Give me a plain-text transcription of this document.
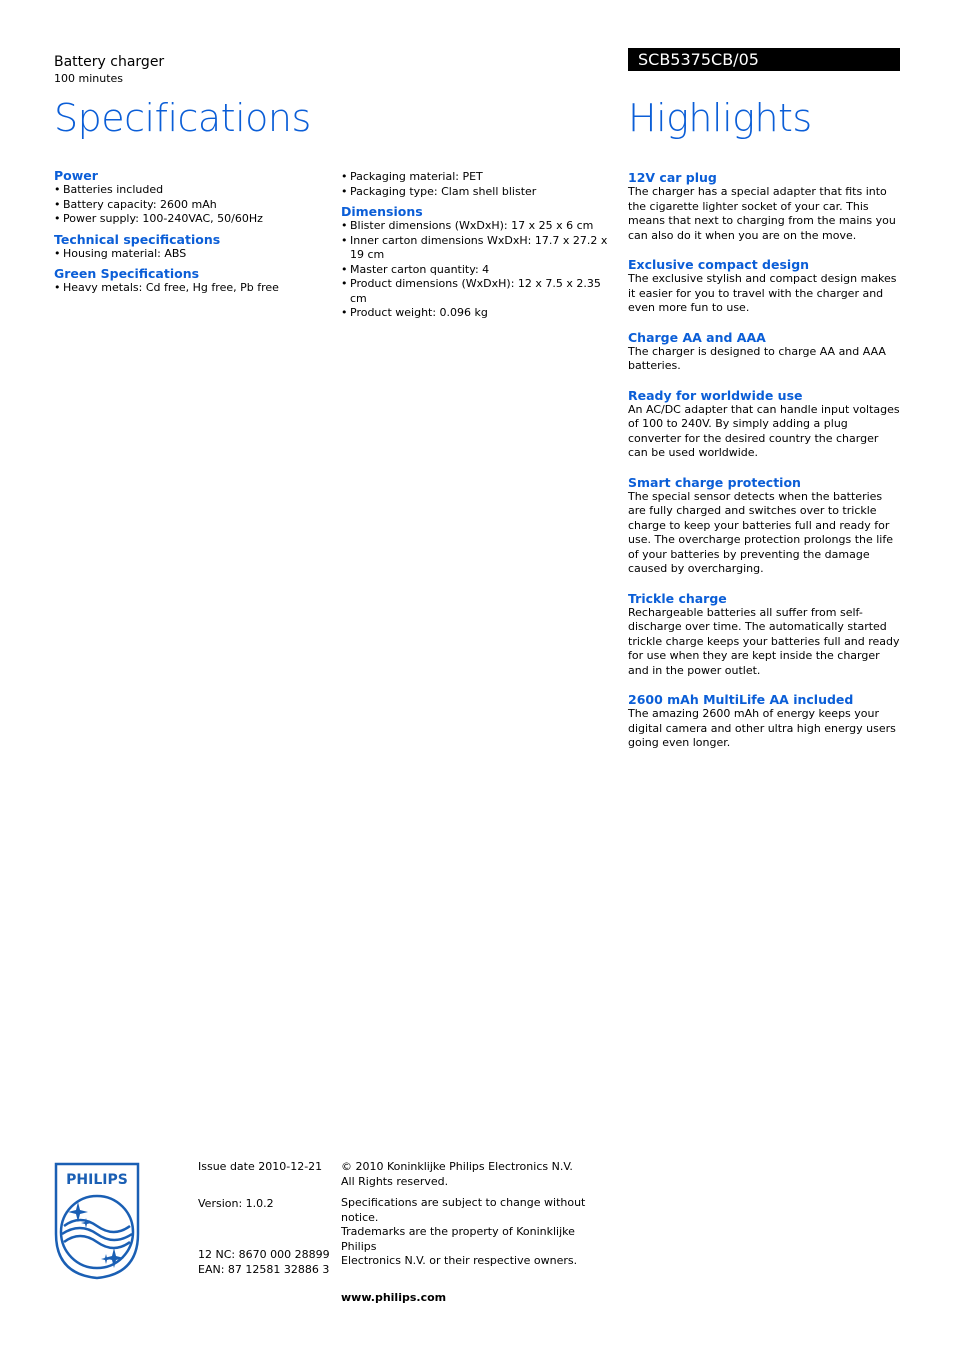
Battery charger
100 minutes
Specifications
SCB5375CB/05
Highlights
Power
• Batteries included
• Battery capacity: 2600 mAh
• Power supply: 100-240VAC, 50/60Hz
Technical specifications
• Housing material: ABS
Green Specifications
• Heavy metals: Cd free, Hg free, Pb free
• Packaging material: PET
• Packaging type: Clam shell blister
Dimensions
• Blister dimensions (WxDxH): 17 x 25 x 6 cm
• Inner carton dimensions WxDxH: 17.7 x 27.2 x 19 cm
• Master carton quantity: 4
• Product dimensions (WxDxH): 12 x 7.5 x 2.35 cm
• Product weight: 0.096 kg
12V car plug

The charger has a special adapter that fits into the cigarette lighter socket of your car. This means that next to charging from the mains you can also do it when you are on the move.

Exclusive compact design

The exclusive stylish and compact design makes it easier for you to travel with the charger and even more fun to use.

Charge AA and AAA

The charger is designed to charge AA and AAA batteries.

Ready for worldwide use

An AC/DC adapter that can handle input voltages of 100 to 240V. By simply adding a plug converter for the desired country the charger can be used worldwide.

Smart charge protection

The special sensor detects when the batteries are fully charged and switches over to trickle charge to keep your batteries full and ready for use. The overcharge protection prolongs the life of your batteries by preventing the damage caused by overcharging.

Trickle charge

Rechargeable batteries all suffer from self-discharge over time. The automatically started trickle charge keeps your batteries full and ready for use when they are kept inside the charger and in the power outlet.

2600 mAh MultiLife AA included

The amazing 2600 mAh of energy keeps your digital camera and other ultra high energy users going even longer.

PHILIPS
Issue date 2010-12-21
Version: 1.0.2
12 NC: 8670 000 28899
EAN: 87 12581 32886 3
© 2010 Koninklijke Philips Electronics N.V.
All Rights reserved.
Specifications are subject to change without notice.
Trademarks are the property of Koninklijke Philips
Electronics N.V. or their respective owners.
www.philips.com
